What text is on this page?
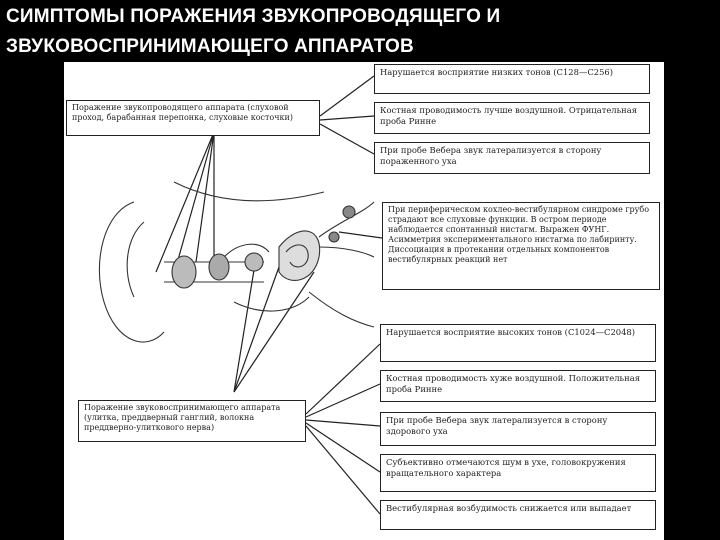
СИМПТОМЫ ПОРАЖЕНИЯ ЗВУКОПРОВОДЯЩЕГО И
ЗВУКОВОСПРИНИМАЮЩЕГО АППАРАТОВ
Поражение звукопроводящего аппарата (слуховой проход, барабанная перепонка, слуховые косточки)
Нарушается восприятие низких тонов (C128—C256)
Костная проводимость лучше воздушной. Отрицательная проба Ринне
При пробе Вебера звук латерализуется в сторону пораженного уха
При периферическом кохлео-вестибулярном синдроме грубо страдают все слуховые функции. В остром периоде наблюдается спонтанный нистагм. Выражен ФУНГ. Асимметрия экспериментального нистагма по лабиринту. Диссоциация в протекании отдельных компонентов вестибулярных реакций нет
Поражение звуковоспринимающего аппарата (улитка, преддверный ганглий, волокна преддверно-улиткового нерва)
Нарушается восприятие высоких тонов (C1024—C2048)
Костная проводимость хуже воздушной. Положительная проба Ринне
При пробе Вебера звук латерализуется в сторону здорового уха
Субъективно отмечаются шум в ухе, головокружения вращательного характера
Вестибулярная возбудимость снижается или выпадает
